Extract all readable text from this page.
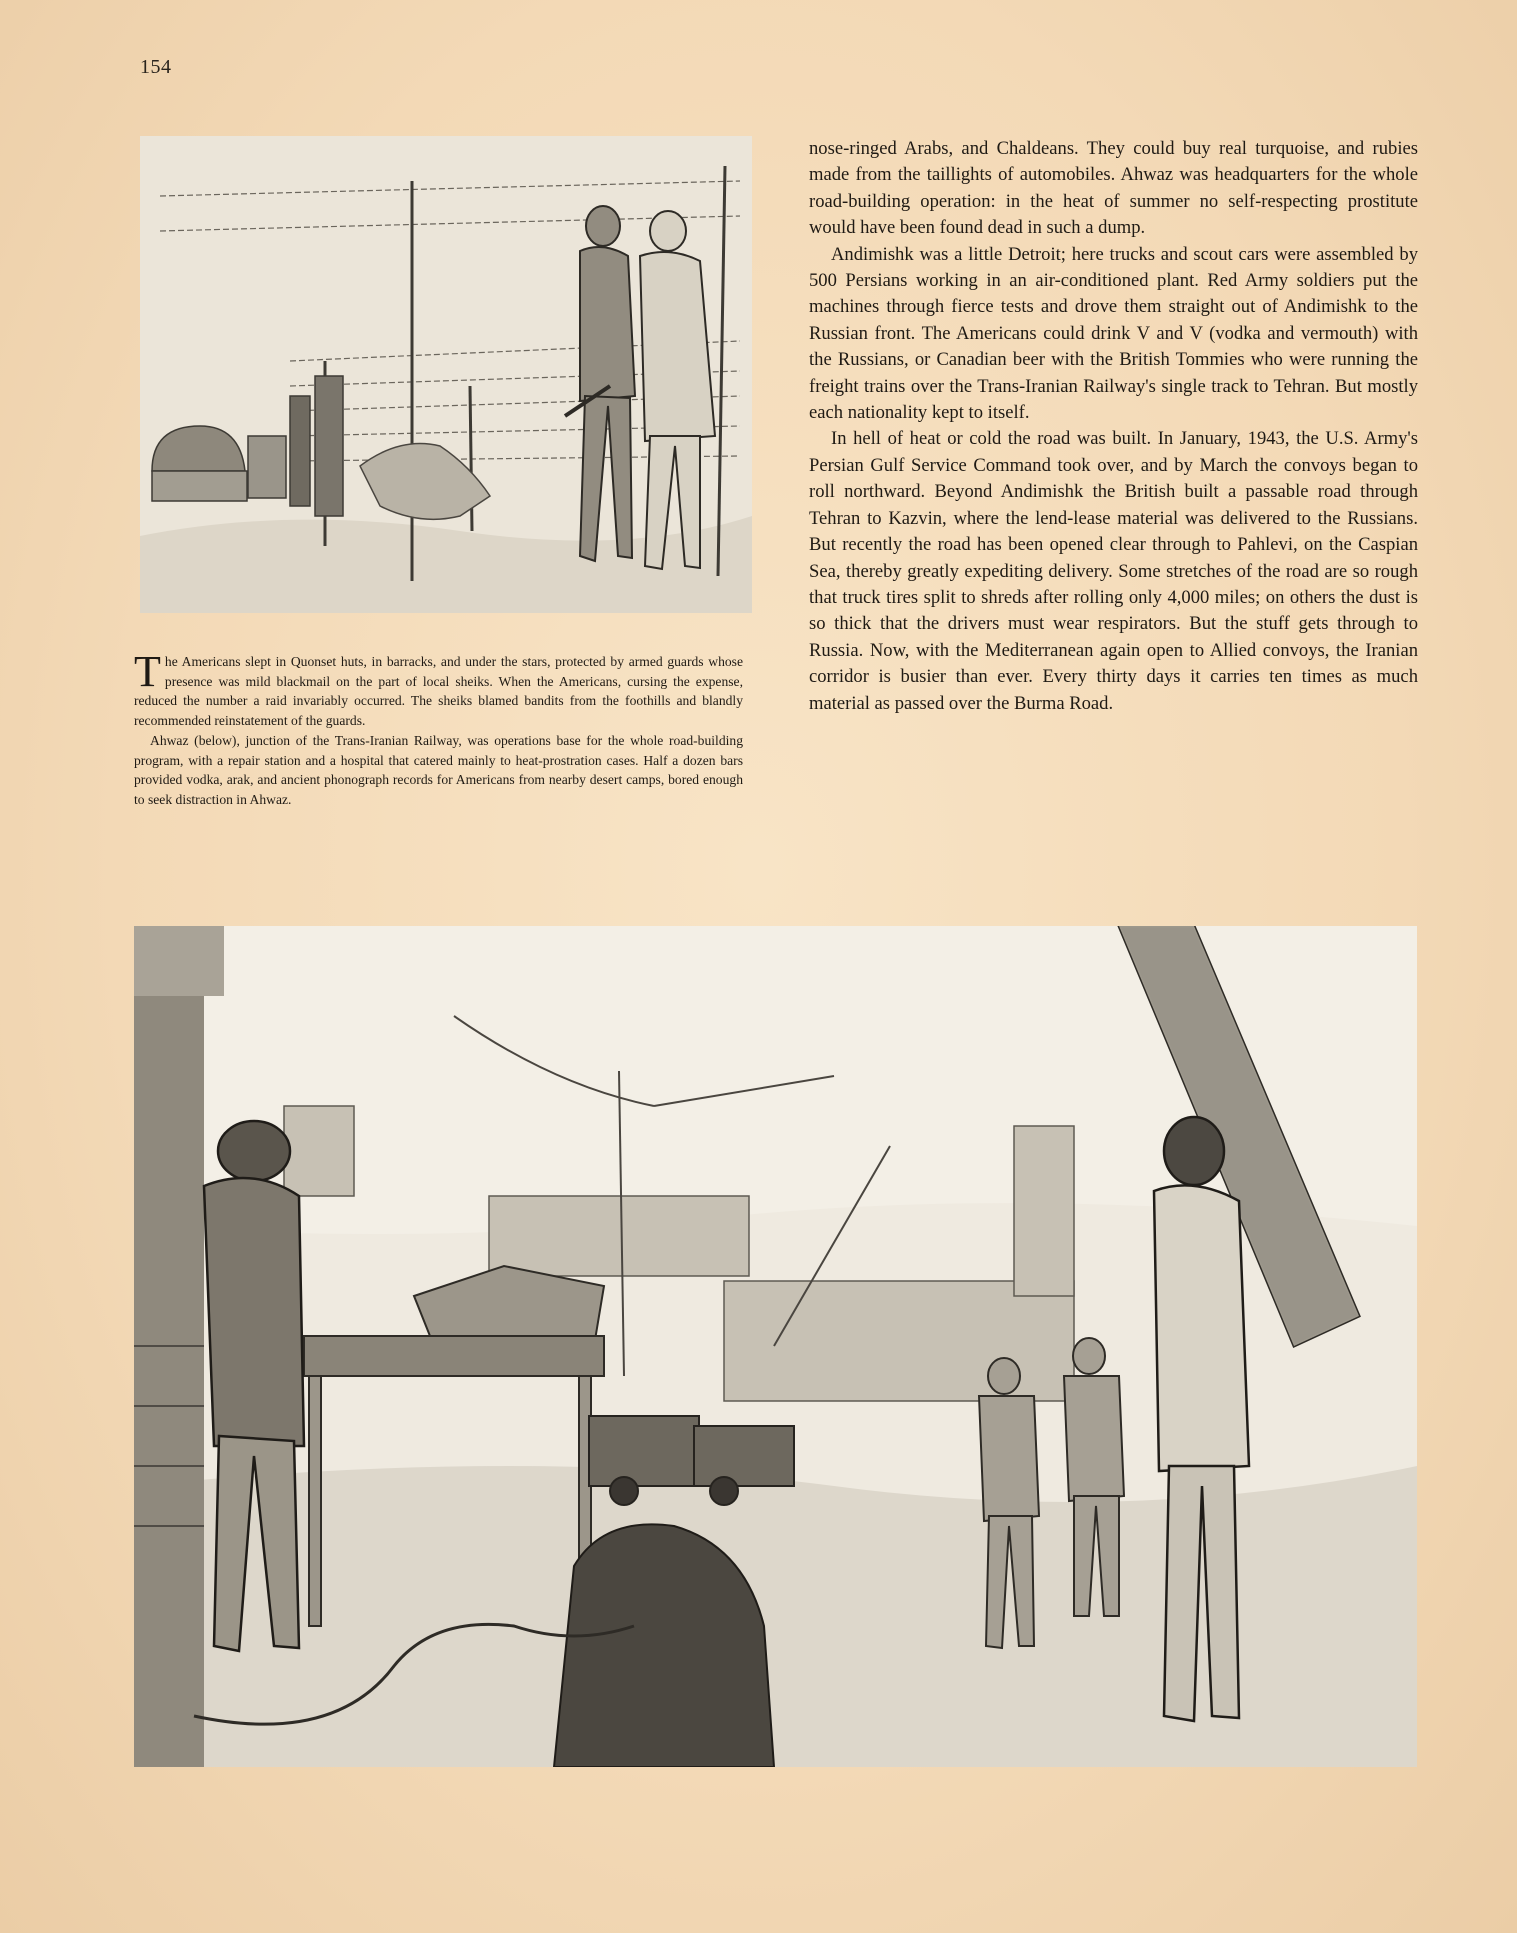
154

The Americans slept in Quonset huts, in barracks, and under the stars, protected by armed guards whose presence was mild blackmail on the part of local sheiks. When the Americans, cursing the expense, reduced the number a raid invariably occurred. The sheiks blamed bandits from the foothills and blandly recommended reinstatement of the guards.

Ahwaz (below), junction of the Trans-Iranian Railway, was operations base for the whole road-building program, with a repair station and a hospital that catered mainly to heat-prostration cases. Half a dozen bars provided vodka, arak, and ancient phonograph records for Americans from nearby desert camps, bored enough to seek distraction in Ahwaz.

nose-ringed Arabs, and Chaldeans. They could buy real turquoise, and rubies made from the taillights of automobiles. Ahwaz was headquarters for the whole road-building operation: in the heat of summer no self-respecting prostitute would have been found dead in such a dump.

Andimishk was a little Detroit; here trucks and scout cars were assembled by 500 Persians working in an air-conditioned plant. Red Army soldiers put the machines through fierce tests and drove them straight out of Andimishk to the Russian front. The Americans could drink V and V (vodka and vermouth) with the Russians, or Canadian beer with the British Tommies who were running the freight trains over the Trans-Iranian Railway's single track to Tehran. But mostly each nationality kept to itself.

In hell of heat or cold the road was built. In January, 1943, the U.S. Army's Persian Gulf Service Command took over, and by March the convoys began to roll northward. Beyond Andimishk the British built a passable road through Tehran to Kazvin, where the lend-lease material was delivered to the Russians. But recently the road has been opened clear through to Pahlevi, on the Caspian Sea, thereby greatly expediting delivery. Some stretches of the road are so rough that truck tires split to shreds after rolling only 4,000 miles; on others the dust is so thick that the drivers must wear respirators. But the stuff gets through to Russia. Now, with the Mediterranean again open to Allied convoys, the Iranian corridor is busier than ever. Every thirty days it carries ten times as much material as passed over the Burma Road.
